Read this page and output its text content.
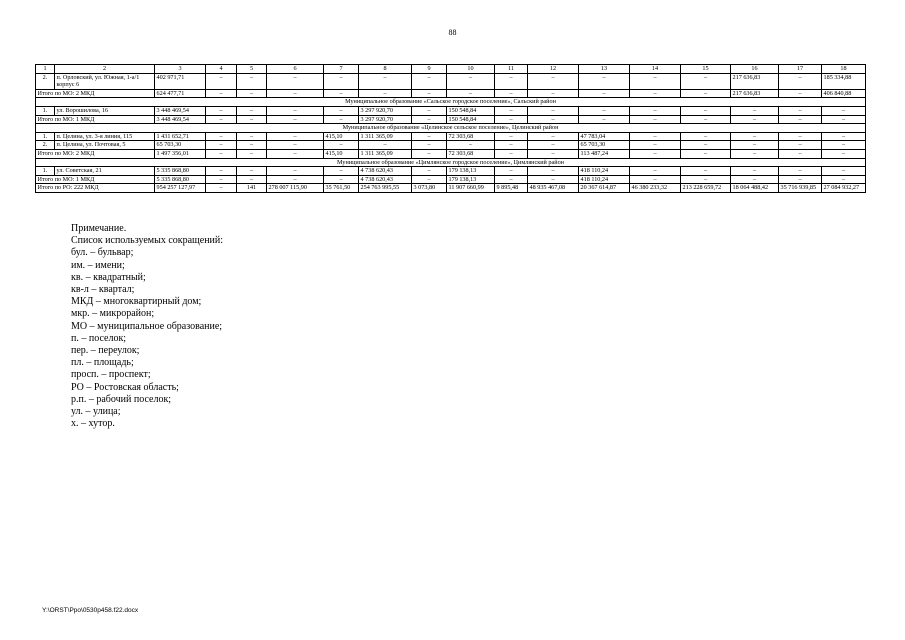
88
1	2	3	4	5	6	7	8	9	10	11	12	13	14	15	16	17	18
2.	п. Орловский, ул. Южная, 1-а/1 корпус 6	402 971,71	–	–	–	–	–	–	–	–	–	–	–	–	217 636,83	–	185 334,88
Итого по МО: 2 МКД		624 477,71	–	–	–	–	–	–	–	–	–	–	–	–	217 636,83	–	406 840,88
Муниципальное образование «Сальское городское поселение», Сальский район																	
1.	ул. Ворошилова, 16	3 448 469,54	–	–	–	–	3 297 920,70	–	150 548,84	–	–	–	–	–	–	–	–
Итого по МО: 1 МКД		3 448 469,54	–	–	–	–	3 297 920,70	–	150 548,84	–	–	–	–	–	–	–	–
Муниципальное образование «Целинское сельское поселение», Целинский район																	
1.	п. Целина, ул. 3-я линия, 115	1 431 652,71	–	–	–	415,10	1 311 365,09	–	72 303,68	–	–	47 783,04	–	–	–	–	–
2.	п. Целина, ул. Почтовая, 5	65 703,30	–	–	–	–	–	–	–	–	–	65 703,30	–	–	–	–	–
Итого по МО: 2 МКД		1 497 356,01	–	–	–	415,10	1 311 365,09	–	72 303,68	–	–	113 487,24	–	–	–	–	–
Муниципальное образование «Цимлянское городское поселение», Цимлянский район																	
1.	ул. Советская, 21	5 335 868,80	–	–	–	–	4 738 620,43	–	179 138,13	–	–	418 110,24	–	–	–	–	–
Итого по МО: 1 МКД		5 335 868,80	–	–	–	–	4 738 620,43	–	179 138,13	–	–	418 110,24	–	–	–	–	–
Итого по РО: 222 МКД		954 257 127,97	–	141	278 007 115,90	35 761,50	254 763 995,55	3 073,80	11 907 660,99	9 895,48	48 935 467,08	20 367 614,87	46 380 233,32	213 228 659,72	18 064 488,42	35 716 939,85	27 084 932,27
Примечание.
Список используемых сокращений:
бул. – бульвар;
им. – имени;
кв. – квадратный;
кв-л – квартал;
МКД – многоквартирный дом;
мкр. – микрорайон;
МО – муниципальное образование;
п. – поселок;
пер. – переулок;
пл. – площадь;
просп. – проспект;
РО – Ростовская область;
р.п. – рабочий поселок;
ул. – улица;
х. – хутор.
Y:\ORST\Ppo\0530p458.f22.docx
